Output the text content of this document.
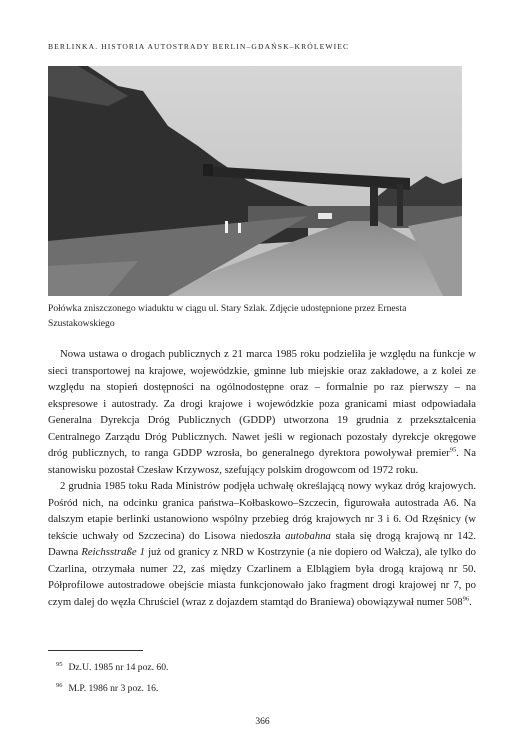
BERLINKA. HISTORIA AUTOSTRADY BERLIN–GDAŃSK–KRÓLEWIEC
Połówka zniszczonego wiaduktu w ciągu ul. Stary Szlak. Zdjęcie udostępnione przez Ernesta Szustakowskiego

Nowa ustawa o drogach publicznych z 21 marca 1985 roku podzieliła je względu na funkcje w sieci transportowej na krajowe, wojewódzkie, gminne lub miejskie oraz zakładowe, a z kolei ze względu na stopień dostępności na ogólnodostępne oraz – formalnie po raz pierwszy – na ekspresowe i autostrady. Za drogi krajowe i wojewódzkie poza granicami miast odpowiadała Generalna Dyrekcja Dróg Publicznych (GDDP) utworzona 19 grudnia z przekształcenia Centralnego Zarządu Dróg Publicznych. Nawet jeśli w regionach pozostały dyrekcje okręgowe dróg publicznych, to ranga GDDP wzrosła, bo generalnego dyrektora powoływał premier$^{95}$. Na stanowisku pozostał Czesław Krzywosz, szefujący polskim drogowcom od 1972 roku.

2 grudnia 1985 toku Rada Ministrów podjęła uchwałę określającą nowy wykaz dróg krajowych. Pośród nich, na odcinku granica państwa–Kołbaskowo–Szczecin, figurowała autostrada A6. Na dalszym etapie berlinki ustanowiono wspólny przebieg dróg krajowych nr 3 i 6. Od Rzęśnicy (w tekście uchwały od Szczecina) do Lisowa niedoszła autobahna stała się drogą krajową nr 142. Dawna Reichsstraße 1 już od granicy z NRD w Kostrzynie (a nie dopiero od Wałcza), ale tylko do Czarlina, otrzymała numer 22, zaś między Czarlinem a Elblągiem była drogą krajową nr 50. Półprofilowe autostradowe obejście miasta funkcjonowało jako fragment drogi krajowej nr 7, po czym dalej do węzła Chruściel (wraz z dojazdem stamtąd do Braniewa) obowiązywał numer 508$^{96}$.

$^{95}$ Dz.U. 1985 nr 14 poz. 60.

$^{96}$ M.P. 1986 nr 3 poz. 16.

366
